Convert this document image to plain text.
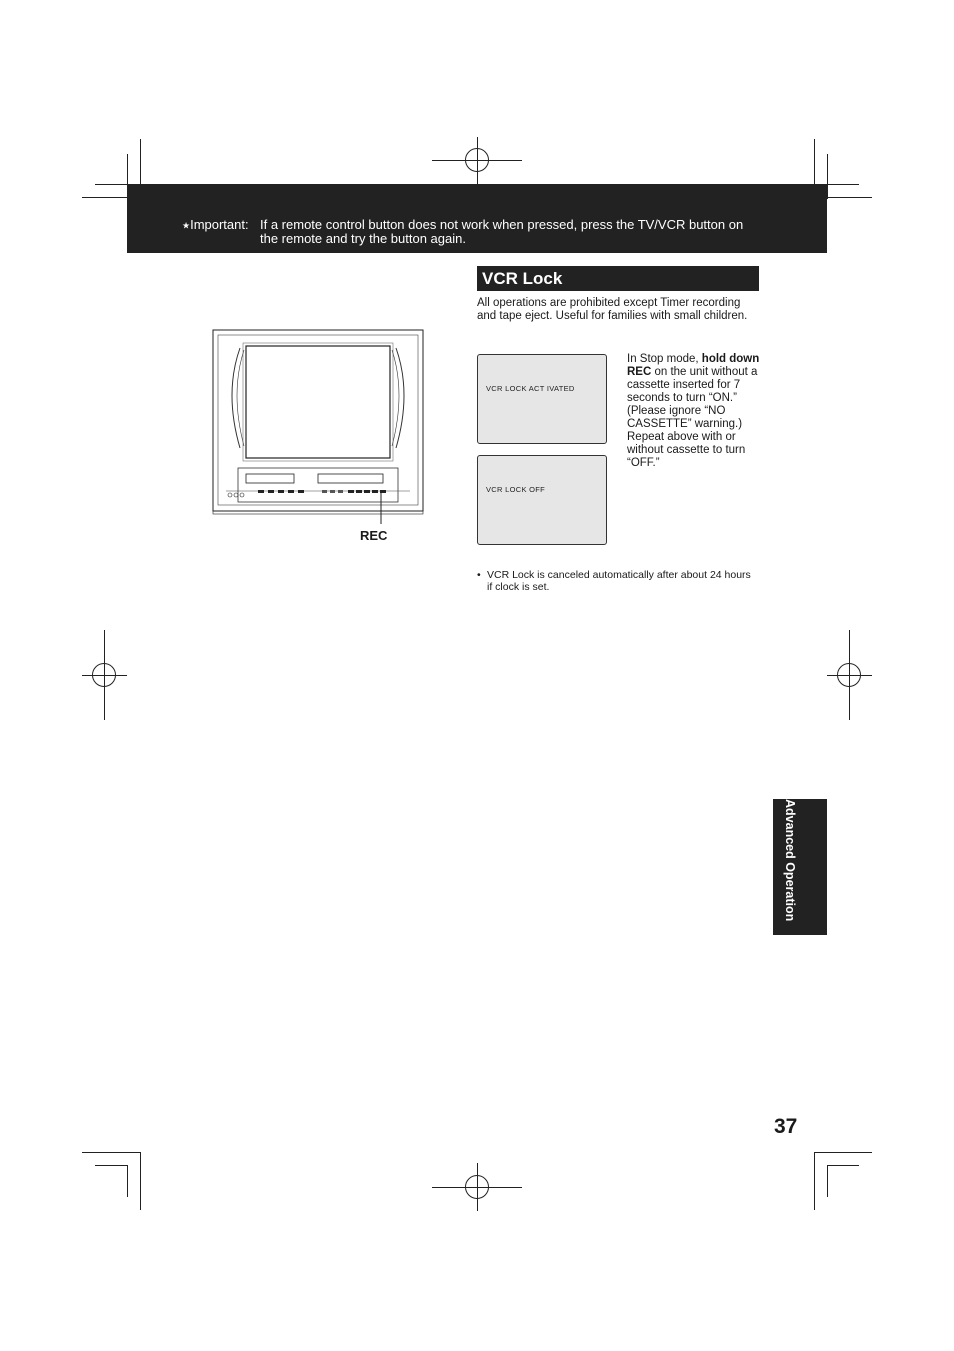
★Important: If a remote control button does not work when pressed, press the TV/VCR button on the remote and try the button again.
VCR Lock
All operations are prohibited except Timer recording and tape eject. Useful for families with small children.
VCR LOCK ACT IVATED
VCR LOCK OFF
In Stop mode, hold down REC on the unit without a cassette inserted for 7 seconds to turn “ON.” (Please ignore “NO CASSETTE” warning.) Repeat above with or without cassette to turn “OFF.”
• VCR Lock is canceled automatically after about 24 hours if clock is set.
REC
Advanced Operation
37
